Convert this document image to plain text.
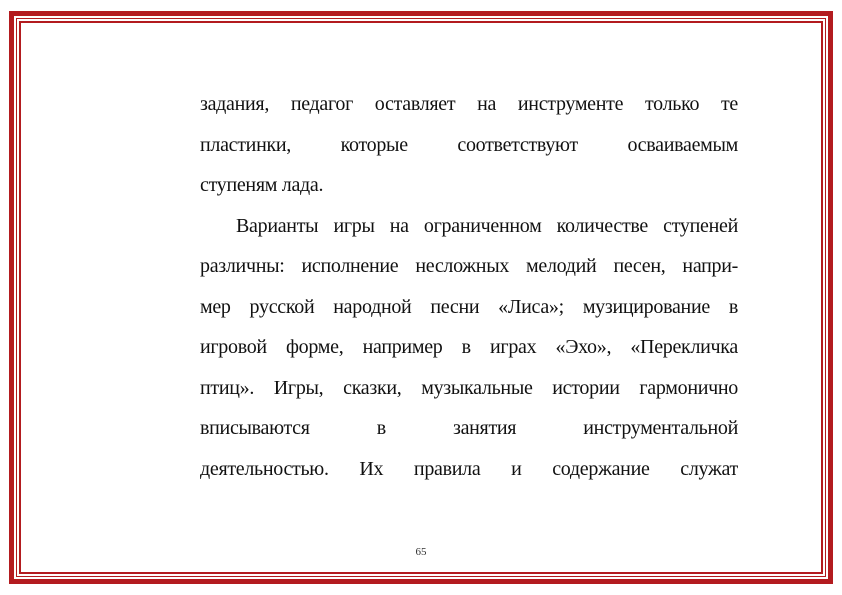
задания, педагог оставляет на инструменте только те
пластинки, которые соответствуют осваиваемым
ступеням лада.
Варианты игры на ограниченном количестве ступеней
различны: исполнение несложных мелодий песен, напри-
мер русской народной песни «Лиса»; музицирование в
игровой форме, например в играх «Эхо», «Перекличка
птиц». Игры, сказки, музыкальные истории гармонично
вписываются в занятия инструментальной
деятельностью. Их правила и содержание служат
65
